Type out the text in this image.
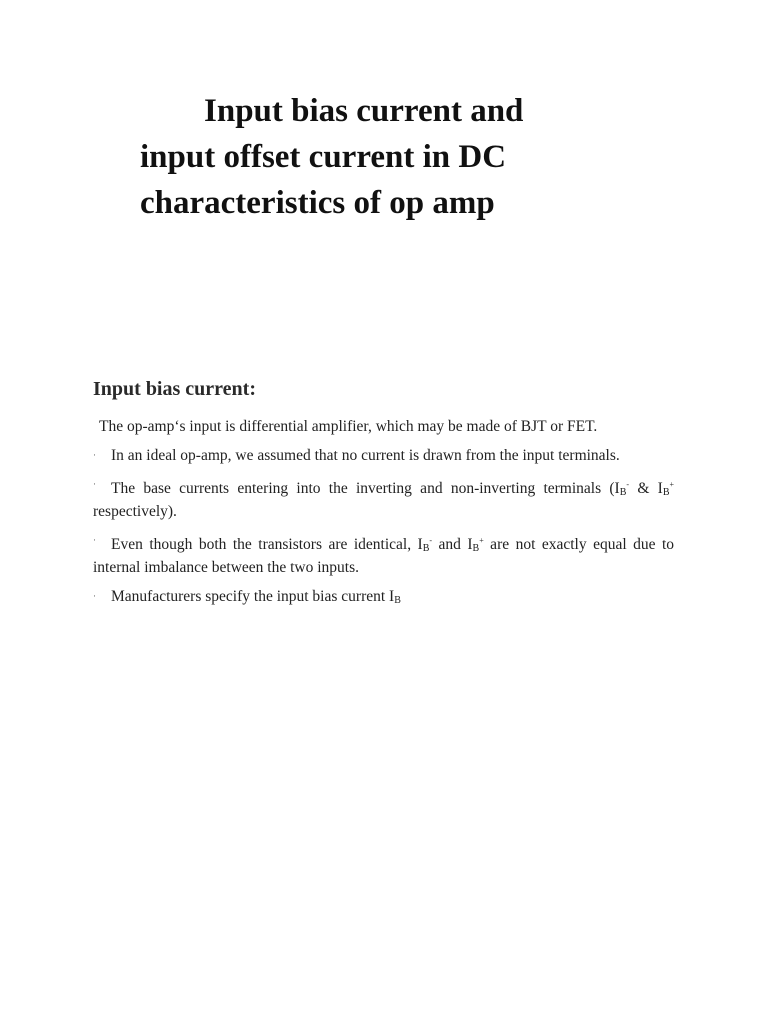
Input bias current and
input offset current in DC
characteristics of op amp
Input bias current:

The op-amp‘s input is differential amplifier, which may be made of BJT or FET.

· In an ideal op-amp, we assumed that no current is drawn from the input terminals.

· The base currents entering into the inverting and non-inverting terminals ($I_B^-$ & $I_B^+$ respectively).

· Even though both the transistors are identical, $I_B^-$ and $I_B^+$ are not exactly equal due to internal imbalance between the two inputs.

· Manufacturers specify the input bias current $I_B$
